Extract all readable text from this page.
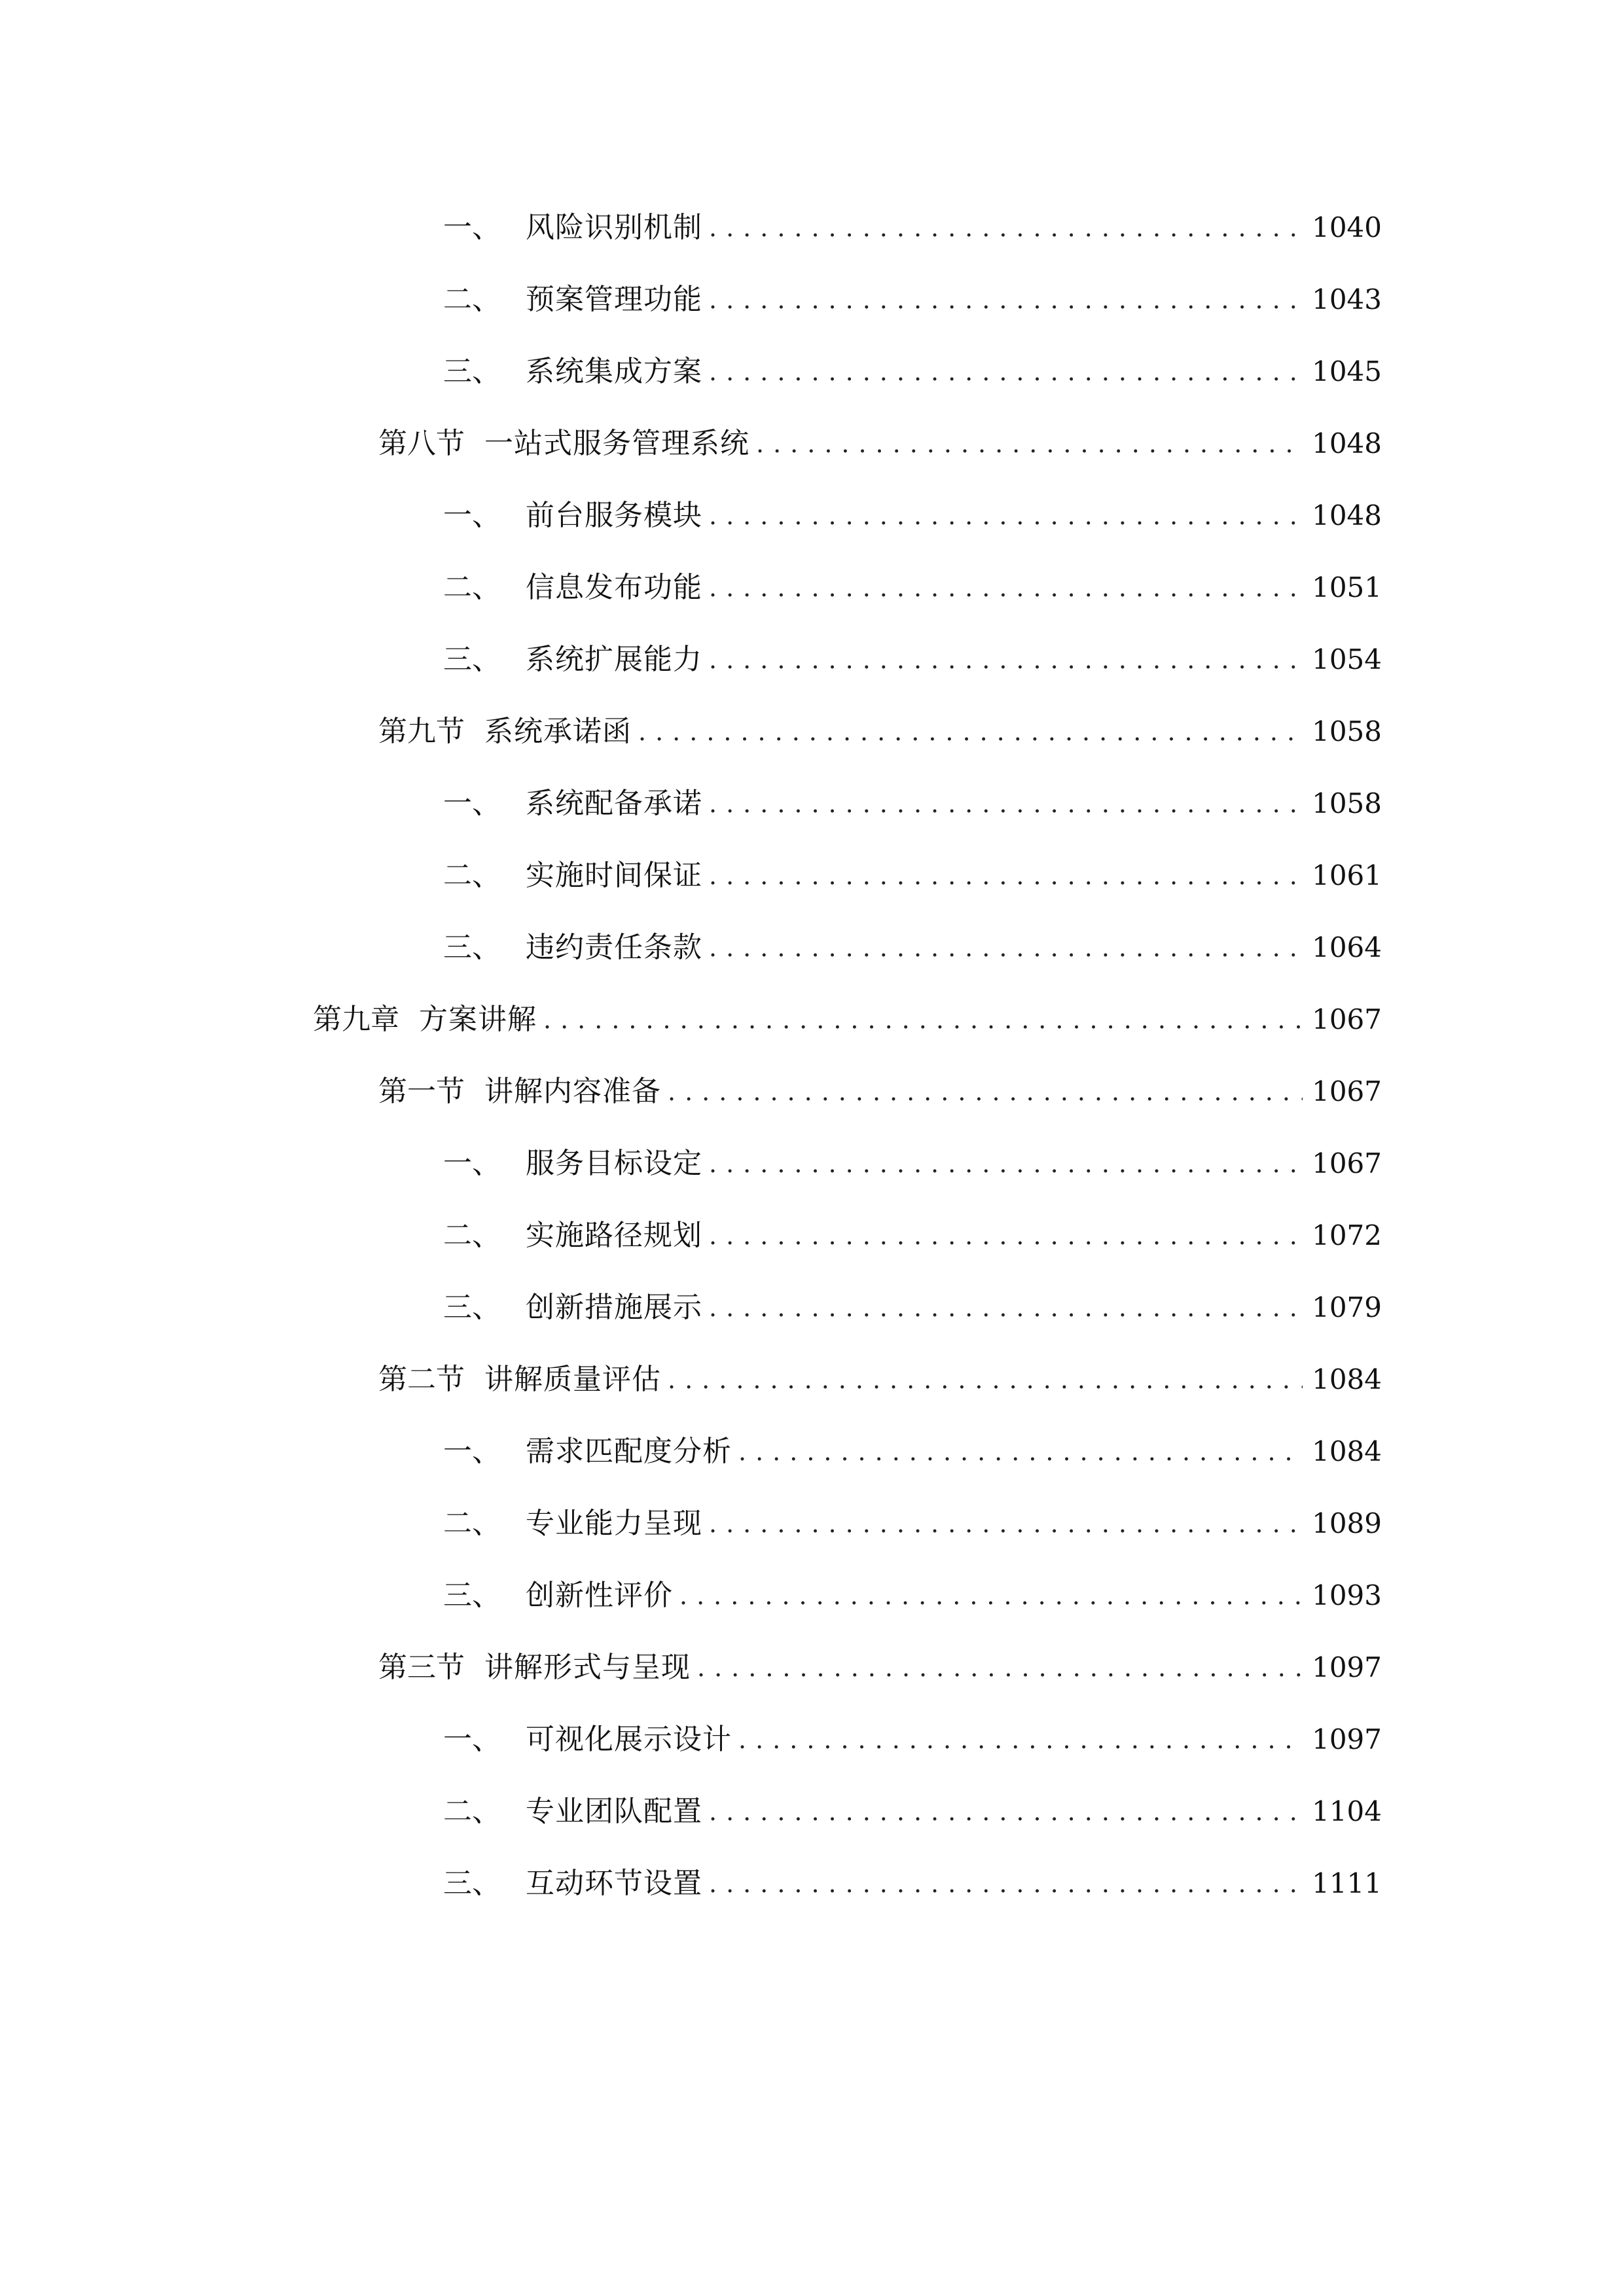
一、 风险识别机制 .....	1040
二、 预案管理功能 .....	1043
三、 系统集成方案 .....	1045
第八节 一站式服务管理系统 .....	1048
一、 前台服务模块 .....	1048
二、 信息发布功能 .....	1051
三、 系统扩展能力 .....	1054
第九节 系统承诺函 .....	1058
一、 系统配备承诺 .....	1058
二、 实施时间保证 .....	1061
三、 违约责任条款 .....	1064
第九章 方案讲解 .....	1067
第一节 讲解内容准备 .....	1067
一、 服务目标设定 .....	1067
二、 实施路径规划 .....	1072
三、 创新措施展示 .....	1079
第二节 讲解质量评估 .....	1084
一、 需求匹配度分析 .....	1084
二、 专业能力呈现 .....	1089
三、 创新性评价 .....	1093
第三节 讲解形式与呈现 .....	1097
一、 可视化展示设计 .....	1097
二、 专业团队配置 .....	1104
三、 互动环节设置 .....	1111
